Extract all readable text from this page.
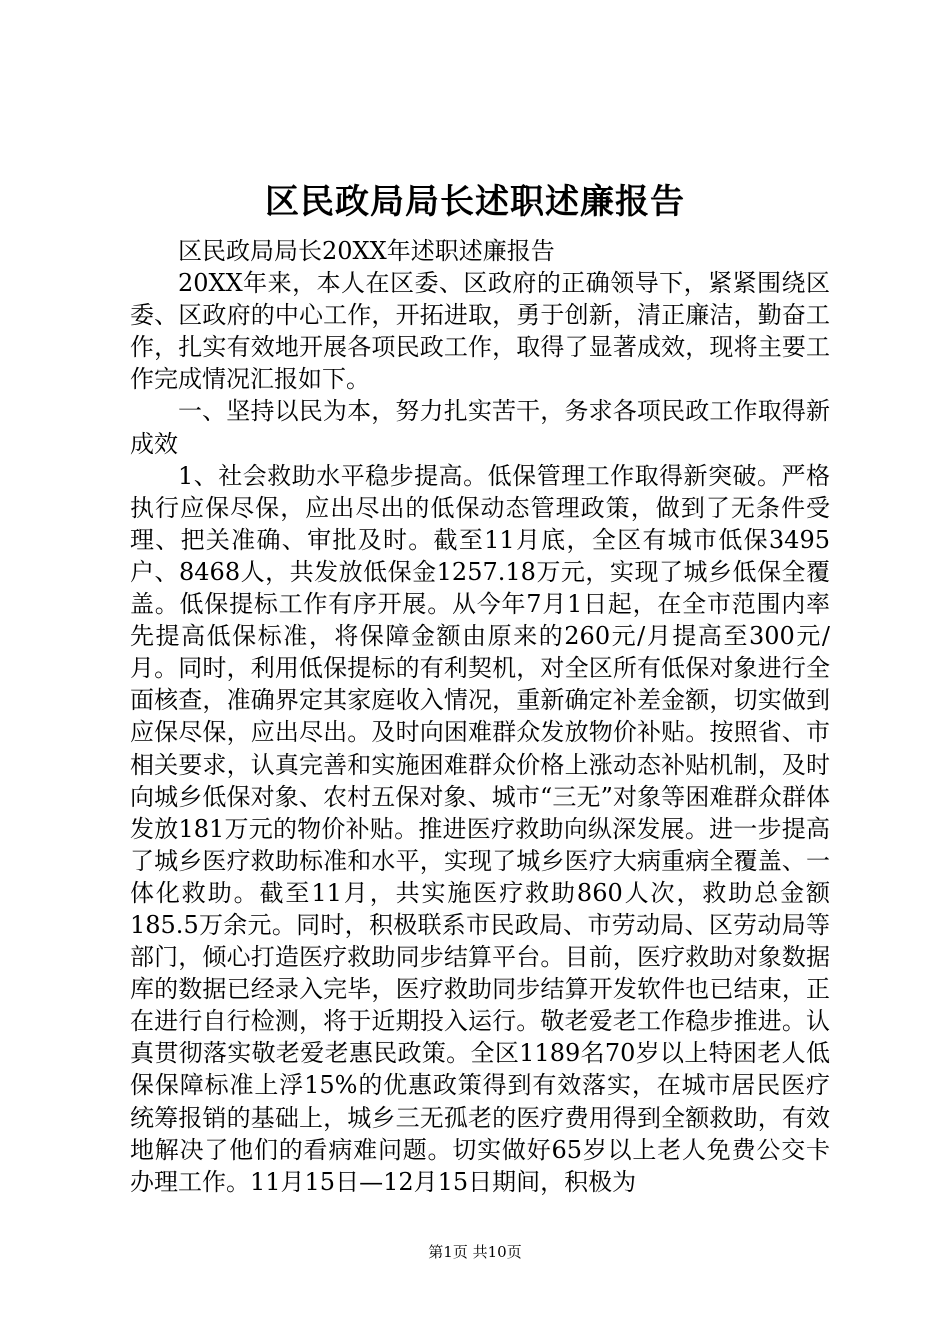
区民政局局长述职述廉报告

区民政局局长20XX年述职述廉报告

20XX年来，本人在区委、区政府的正确领导下，紧紧围绕区委、区政府的中心工作，开拓进取，勇于创新，清正廉洁，勤奋工作，扎实有效地开展各项民政工作，取得了显著成效，现将主要工作完成情况汇报如下。

一、坚持以民为本，努力扎实苦干，务求各项民政工作取得新成效

1、社会救助水平稳步提高。低保管理工作取得新突破。严格执行应保尽保，应出尽出的低保动态管理政策，做到了无条件受理、把关准确、审批及时。截至11月底，全区有城市低保3495户、8468人，共发放低保金1257.18万元，实现了城乡低保全覆盖。低保提标工作有序开展。从今年7月1日起，在全市范围内率先提高低保标准，将保障金额由原来的260元/月提高至300元/月。同时，利用低保提标的有利契机，对全区所有低保对象进行全面核查，准确界定其家庭收入情况，重新确定补差金额，切实做到应保尽保，应出尽出。及时向困难群众发放物价补贴。按照省、市相关要求，认真完善和实施困难群众价格上涨动态补贴机制，及时向城乡低保对象、农村五保对象、城市“三无”对象等困难群众群体发放181万元的物价补贴。推进医疗救助向纵深发展。进一步提高了城乡医疗救助标准和水平，实现了城乡医疗大病重病全覆盖、一体化救助。截至11月，共实施医疗救助860人次，救助总金额185.5万余元。同时，积极联系市民政局、市劳动局、区劳动局等部门，倾心打造医疗救助同步结算平台。目前，医疗救助对象数据库的数据已经录入完毕，医疗救助同步结算开发软件也已结束，正在进行自行检测，将于近期投入运行。敬老爱老工作稳步推进。认真贯彻落实敬老爱老惠民政策。全区1189名70岁以上特困老人低保保障标准上浮15%的优惠政策得到有效落实，在城市居民医疗统筹报销的基础上，城乡三无孤老的医疗费用得到全额救助，有效地解决了他们的看病难问题。切实做好65岁以上老人免费公交卡办理工作。11月15日—12月15日期间，积极为

第1页 共10页
